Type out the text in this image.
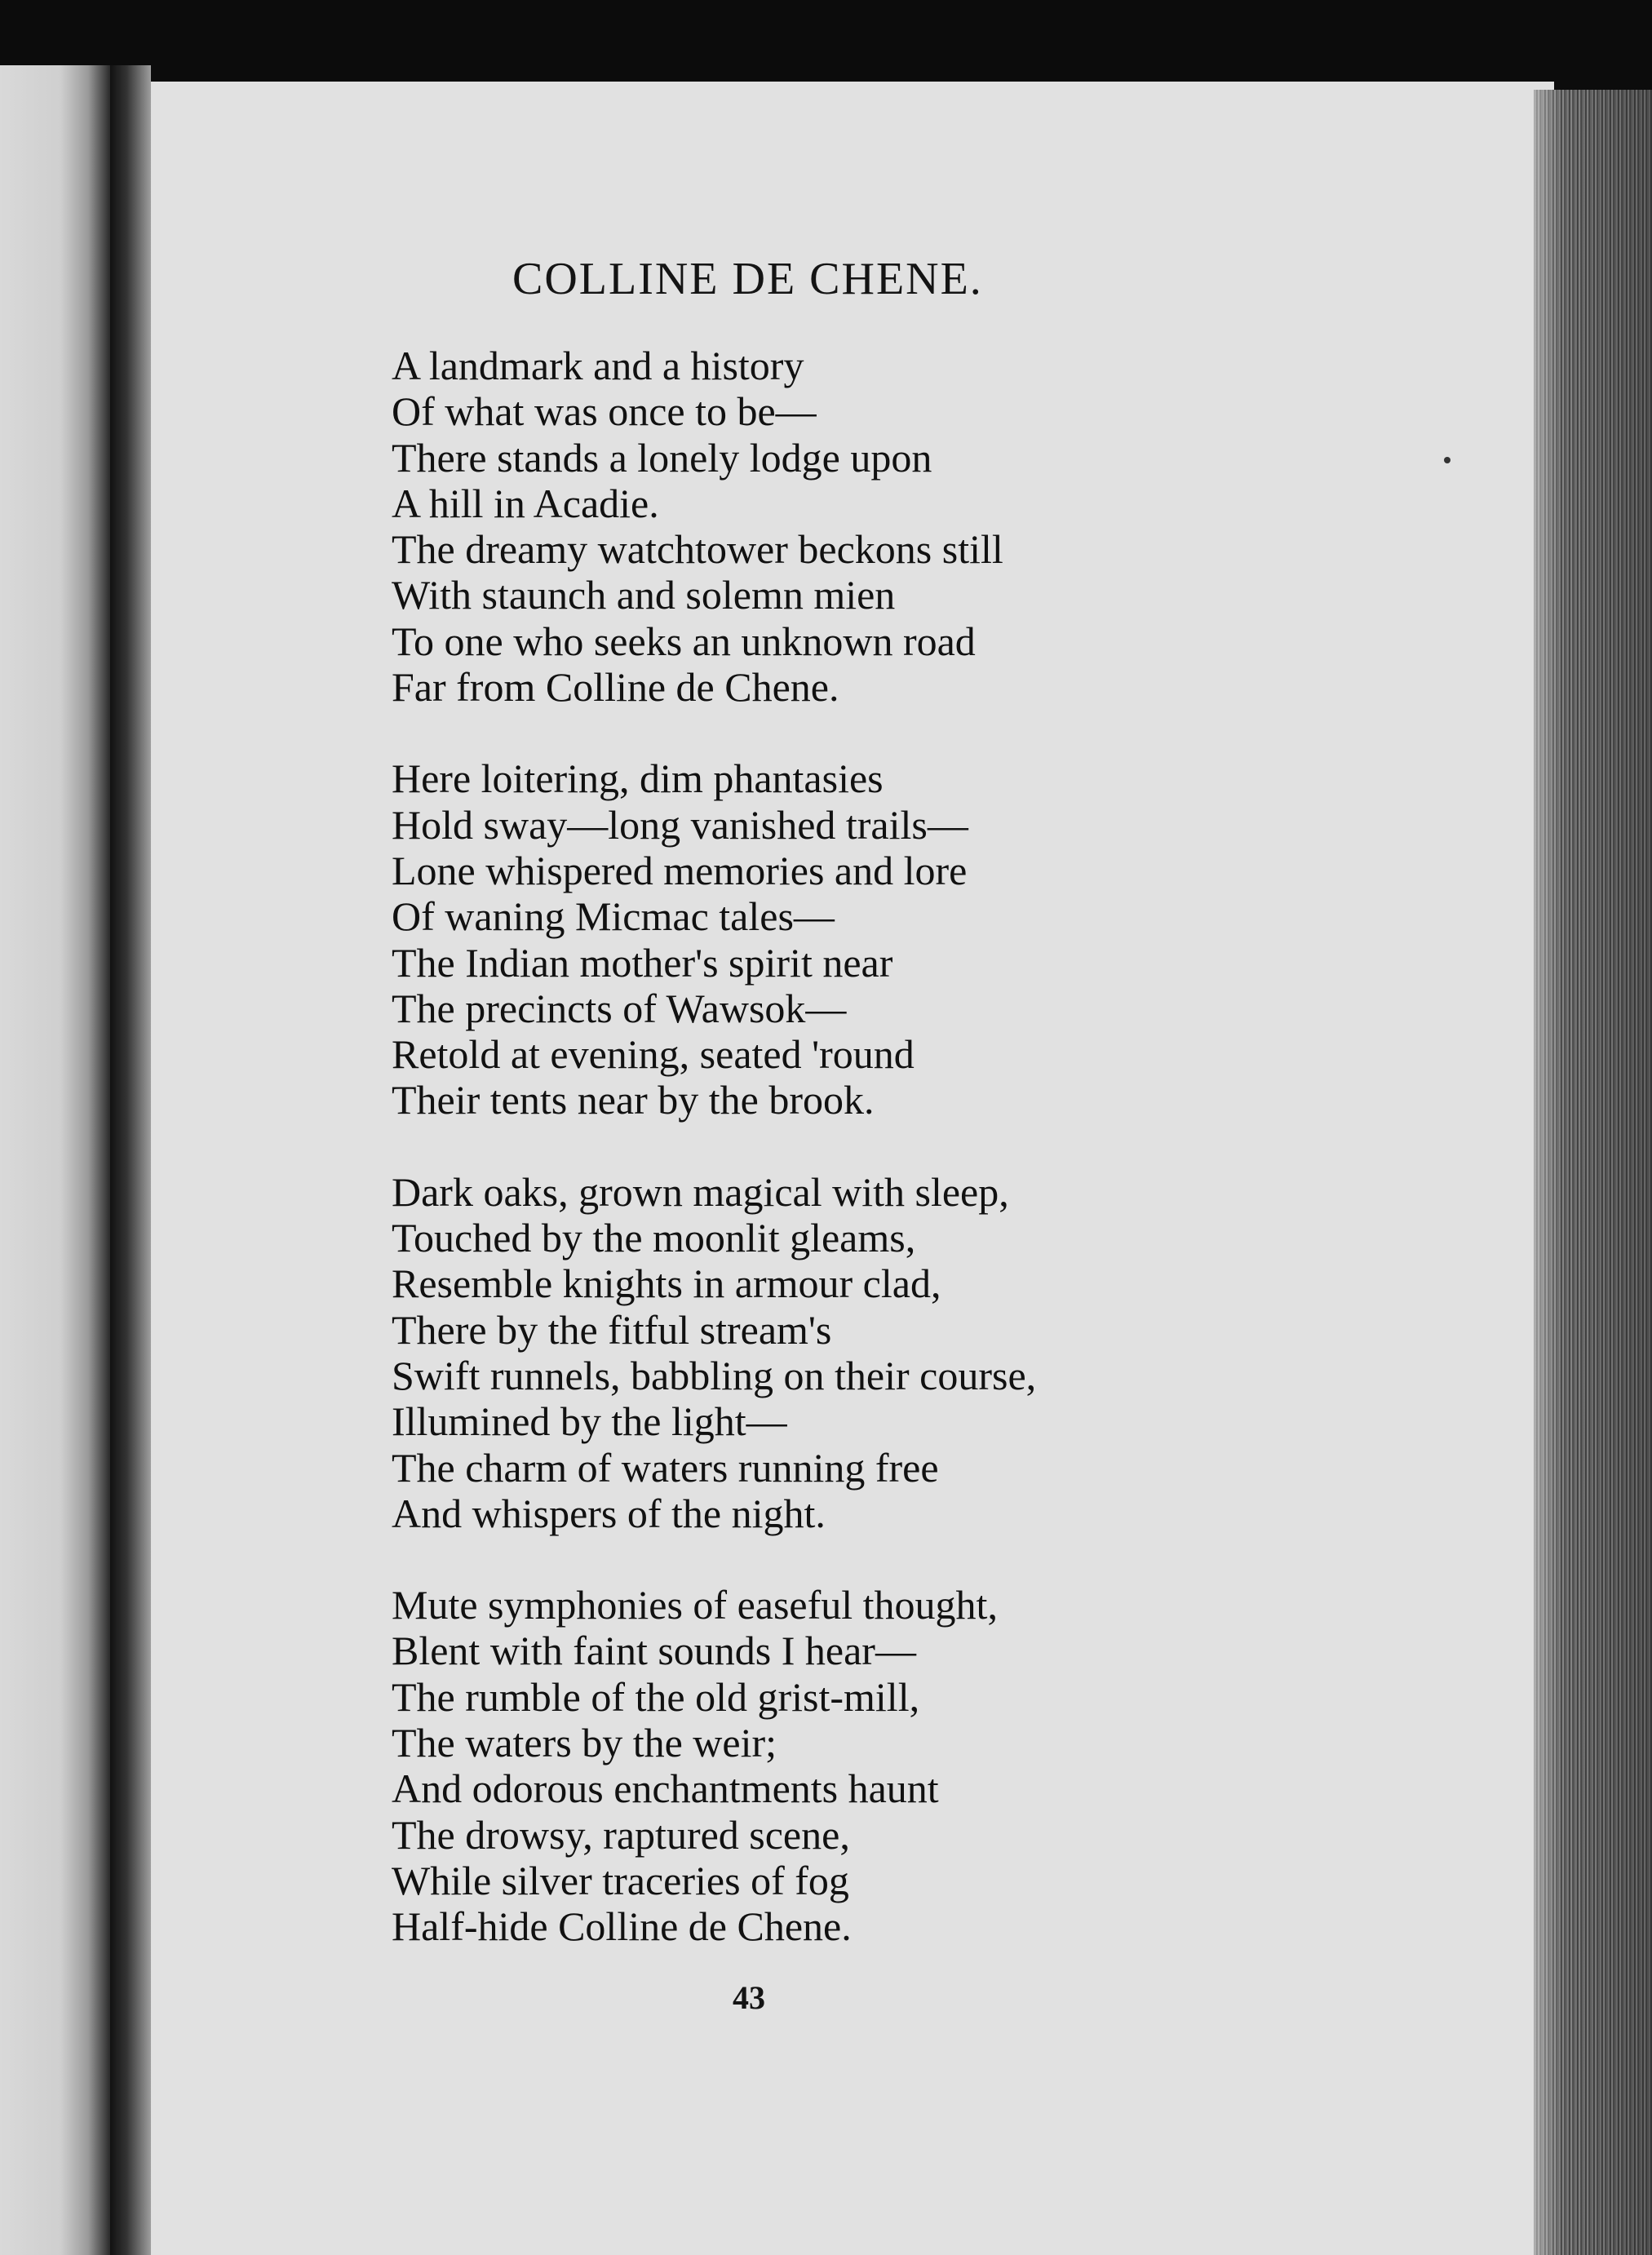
COLLINE DE CHENE.
A landmark and a history
Of what was once to be—
There stands a lonely lodge upon
A hill in Acadie.
The dreamy watchtower beckons still
With staunch and solemn mien
To one who seeks an unknown road
Far from Colline de Chene.
Here loitering, dim phantasies
Hold sway—long vanished trails—
Lone whispered memories and lore
Of waning Micmac tales—
The Indian mother's spirit near
The precincts of Wawsok—
Retold at evening, seated 'round
Their tents near by the brook.
Dark oaks, grown magical with sleep,
Touched by the moonlit gleams,
Resemble knights in armour clad,
There by the fitful stream's
Swift runnels, babbling on their course,
Illumined by the light—
The charm of waters running free
And whispers of the night.
Mute symphonies of easeful thought,
Blent with faint sounds I hear—
The rumble of the old grist-mill,
The waters by the weir;
And odorous enchantments haunt
The drowsy, raptured scene,
While silver traceries of fog
Half-hide Colline de Chene.
43
